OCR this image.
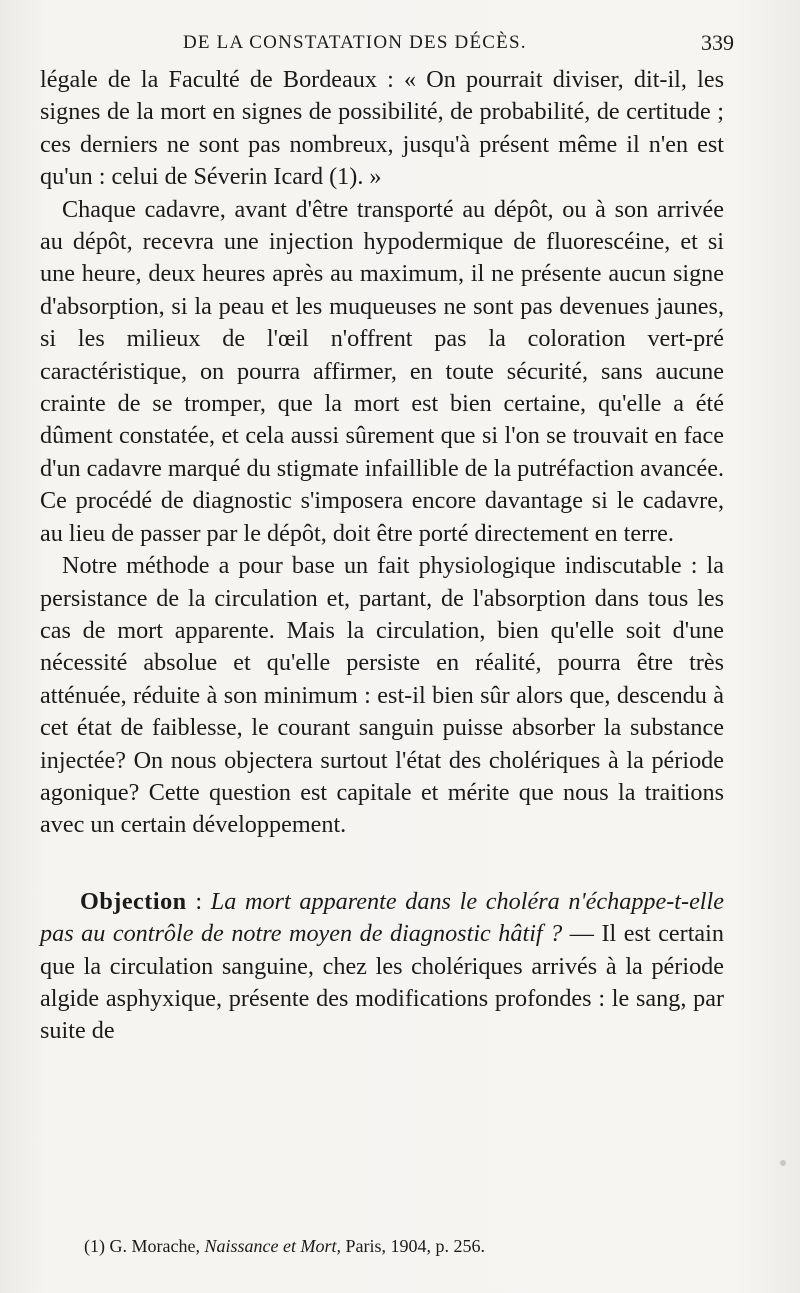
DE LA CONSTATATION DES DÉCÈS.	339

légale de la Faculté de Bordeaux : « On pourrait diviser, dit-il, les signes de la mort en signes de possibilité, de probabilité, de certitude ; ces derniers ne sont pas nombreux, jusqu'à présent même il n'en est qu'un : celui de Séverin Icard (1). »

Chaque cadavre, avant d'être transporté au dépôt, ou à son arrivée au dépôt, recevra une injection hypodermique de fluorescéine, et si une heure, deux heures après au maximum, il ne présente aucun signe d'absorption, si la peau et les muqueuses ne sont pas devenues jaunes, si les milieux de l'œil n'offrent pas la coloration vert-pré caractéristique, on pourra affirmer, en toute sécurité, sans aucune crainte de se tromper, que la mort est bien certaine, qu'elle a été dûment constatée, et cela aussi sûrement que si l'on se trouvait en face d'un cadavre marqué du stigmate infaillible de la putréfaction avancée. Ce procédé de diagnostic s'imposera encore davantage si le cadavre, au lieu de passer par le dépôt, doit être porté directement en terre.

Notre méthode a pour base un fait physiologique indiscutable : la persistance de la circulation et, partant, de l'absorption dans tous les cas de mort apparente. Mais la circulation, bien qu'elle soit d'une nécessité absolue et qu'elle persiste en réalité, pourra être très atténuée, réduite à son minimum : est-il bien sûr alors que, descendu à cet état de faiblesse, le courant sanguin puisse absorber la substance injectée? On nous objectera surtout l'état des cholériques à la période agonique? Cette question est capitale et mérite que nous la traitions avec un certain développement.

Objection : La mort apparente dans le choléra n'échappe-t-elle pas au contrôle de notre moyen de diagnostic hâtif ? — Il est certain que la circulation sanguine, chez les cholériques arrivés à la période algide asphyxique, présente des modifications profondes : le sang, par suite de

(1) G. Morache, Naissance et Mort, Paris, 1904, p. 256.
